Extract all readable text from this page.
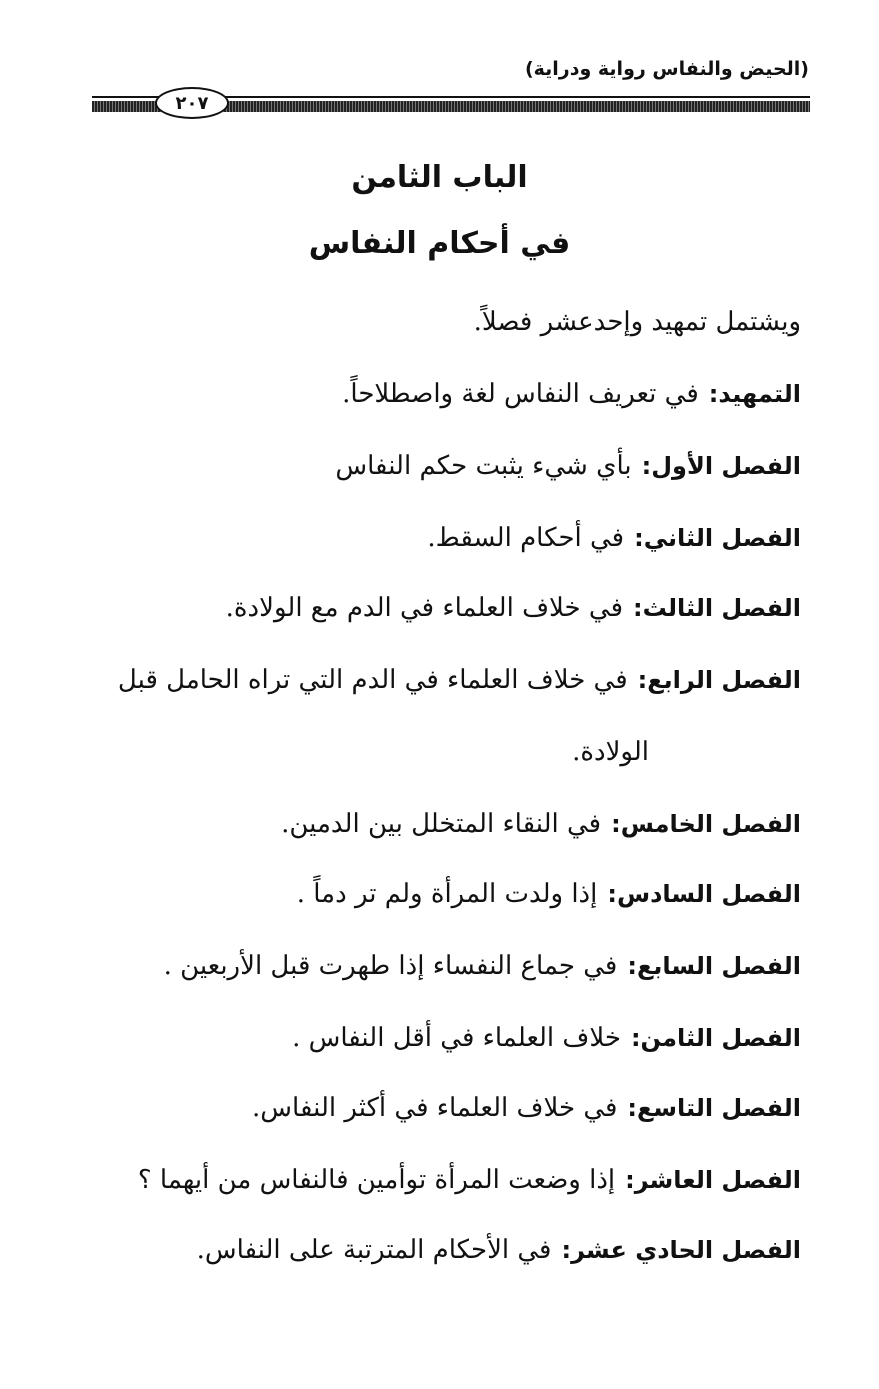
(الحيض والنفاس رواية ودراية)
٢٠٧
الباب الثامن
في أحكام النفاس
ويشتمل تمهيد وإحدعشر فصلاً.
التمهيد:في تعريف النفاس لغة واصطلاحاً.
الفصل الأول:بأي شيء يثبت حكم النفاس
الفصل الثاني:في أحكام السقط.
الفصل الثالث:في خلاف العلماء في الدم مع الولادة.
الفصل الرابع:في خلاف العلماء في الدم التي تراه الحامل قبل
الولادة.
الفصل الخامس:في النقاء المتخلل بين الدمين.
الفصل السادس:إذا ولدت المرأة ولم تر دماً .
الفصل السابع:في جماع النفساء إذا طهرت قبل الأربعين .
الفصل الثامن:خلاف العلماء في أقل النفاس .
الفصل التاسع:في خلاف العلماء في أكثر النفاس.
الفصل العاشر:إذا وضعت المرأة توأمين فالنفاس من أيهما ؟
الفصل الحادي عشر:في الأحكام المترتبة على النفاس.
